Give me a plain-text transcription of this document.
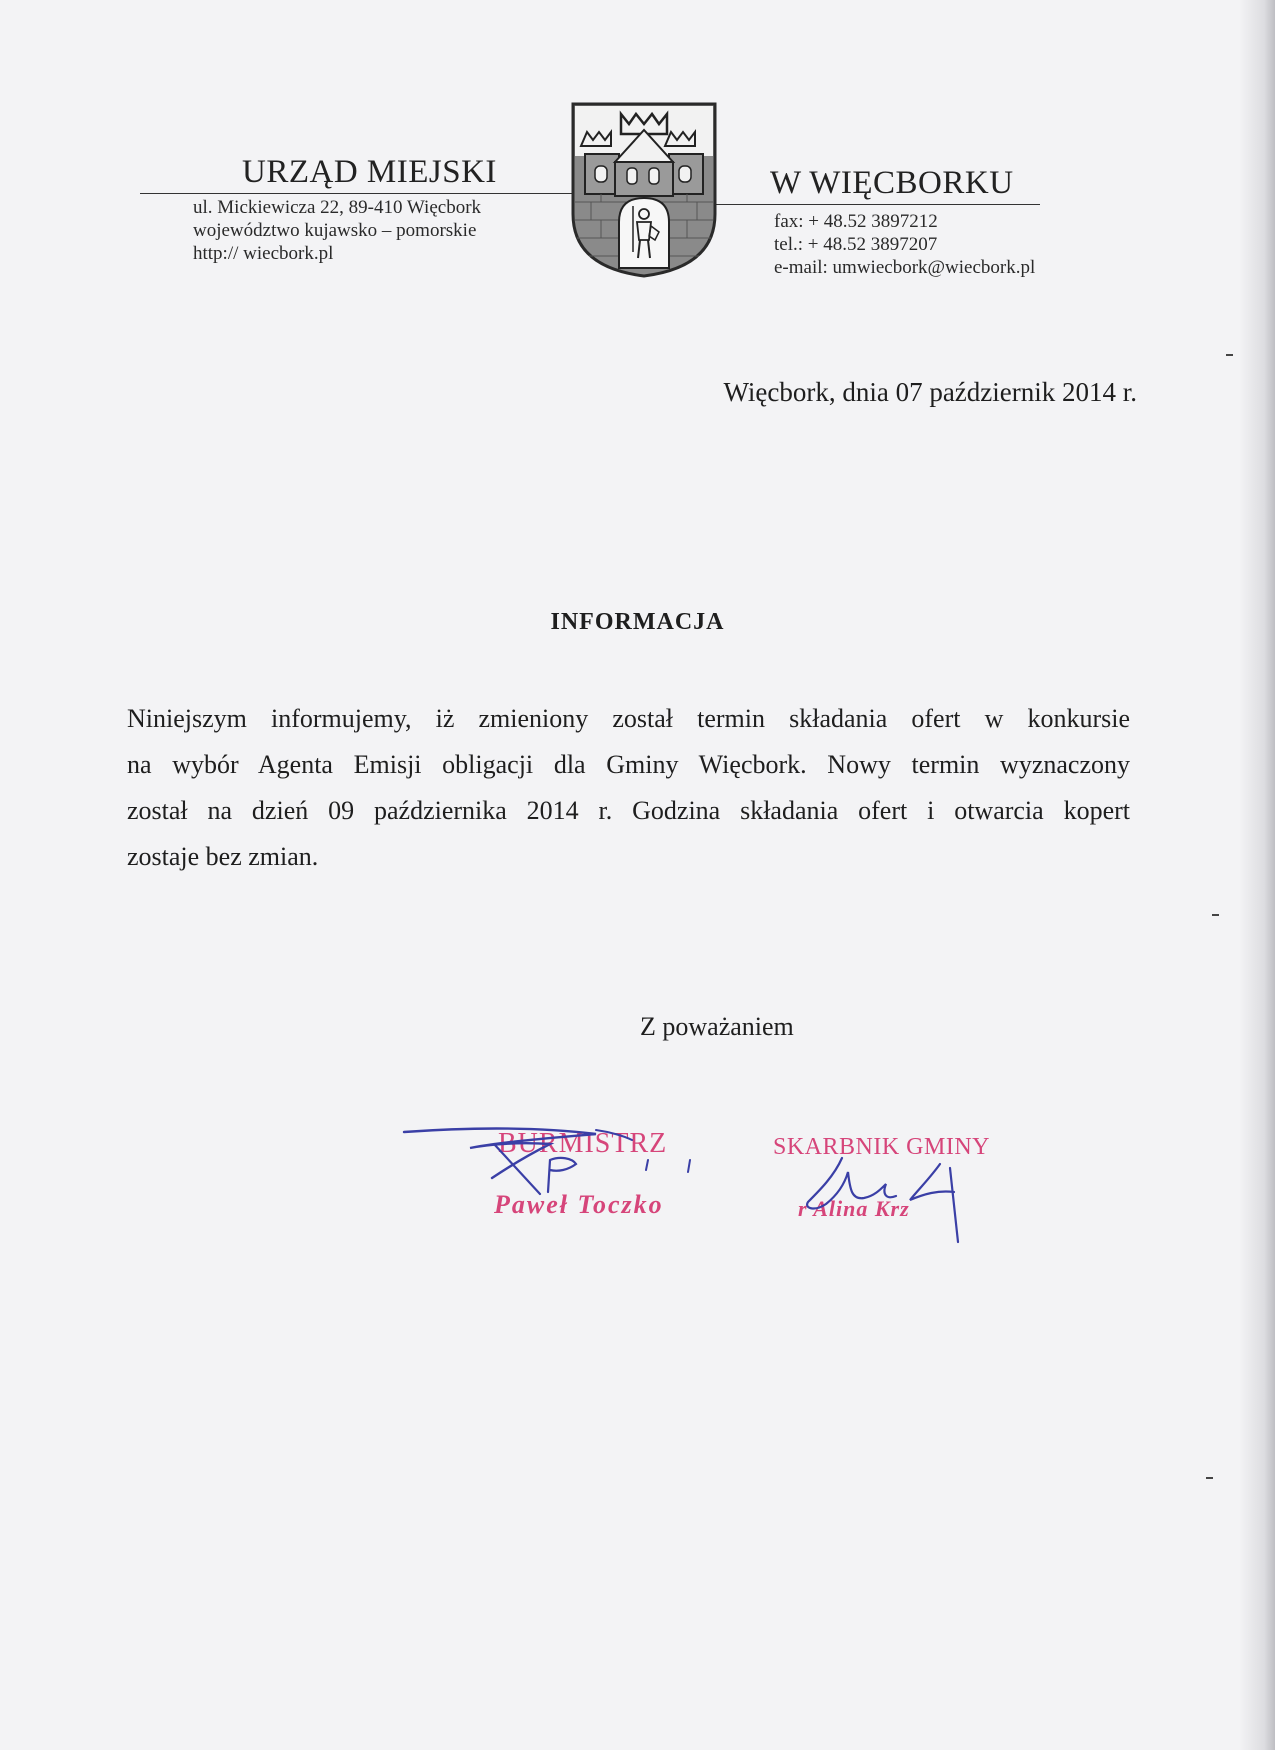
URZĄD MIEJSKI	W WIĘCBORKU
ul. Mickiewicza 22, 89-410 Więcbork
województwo kujawsko – pomorskie
http:// wiecbork.pl
fax: + 48.52 3897212
tel.: + 48.52 3897207
e-mail: umwiecbork@wiecbork.pl
Więcbork, dnia 07 październik 2014 r.
INFORMACJA
Niniejszym informujemy, iż zmieniony został termin składania ofert w konkursie
na wybór Agenta Emisji obligacji dla Gminy Więcbork. Nowy termin wyznaczony
został na dzień 09 października 2014 r. Godzina składania ofert i otwarcia kopert
zostaje bez zmian.
Z poważaniem
BURMISTRZ
Paweł Toczko
SKARBNIK GMINY
r Alina Krz
